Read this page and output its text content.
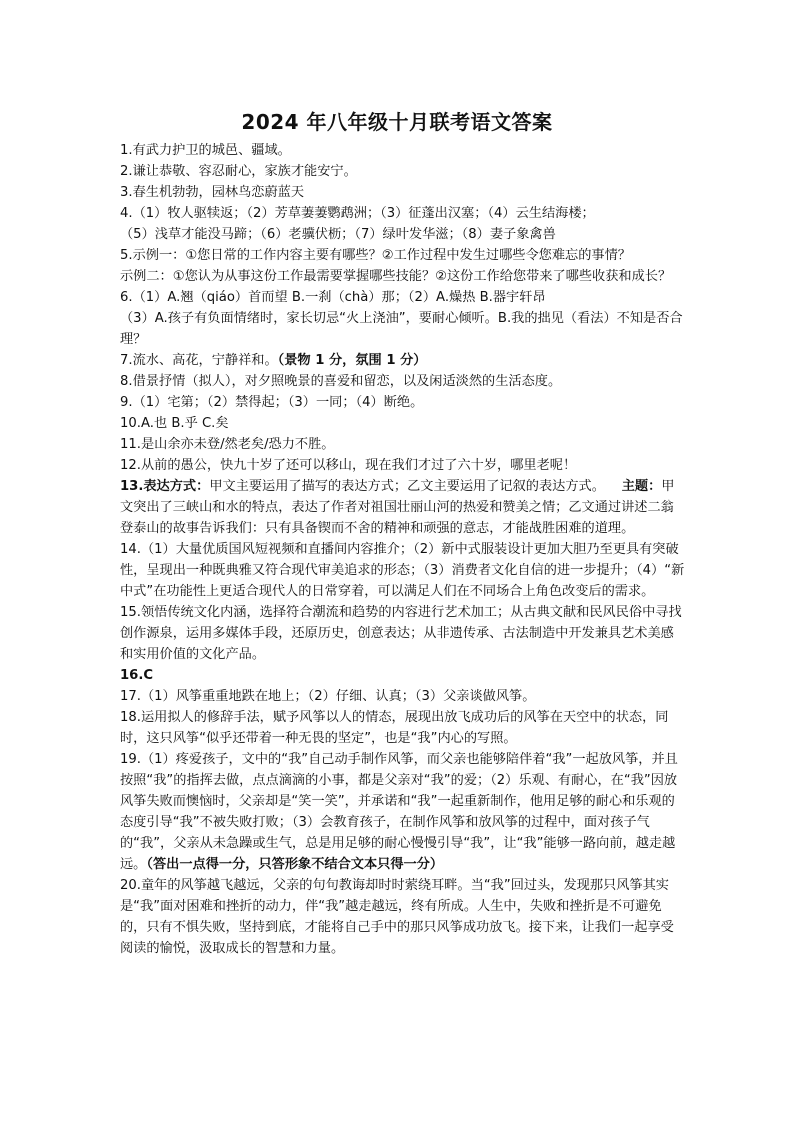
2024 年八年级十月联考语文答案

1.有武力护卫的城邑、疆域。

2.谦让恭敬、容忍耐心，家族才能安宁。

3.春生机勃勃，园林鸟恋蔚蓝天

4.（1）牧人驱犊返；（2）芳草萋萋鹦鹉洲；（3）征蓬出汉塞；（4）云生结海楼；

（5）浅草才能没马蹄；（6）老骥伏枥；（7）绿叶发华滋；（8）妻子象禽兽

5.示例一：①您日常的工作内容主要有哪些？②工作过程中发生过哪些令您难忘的事情？

示例二：①您认为从事这份工作最需要掌握哪些技能？②这份工作给您带来了哪些收获和成长？

6.（1）A.翘（qiáo）首而望 B.一刹（chà）那；（2）A.燥热 B.器宇轩昂

（3）A.孩子有负面情绪时，家长切忌“火上浇油”，要耐心倾听。B.我的拙见（看法）不知是否合理？

7.流水、高花，宁静祥和。（景物 1 分，氛围 1 分）

8.借景抒情（拟人），对夕照晚景的喜爱和留恋，以及闲适淡然的生活态度。

9.（1）宅第；（2）禁得起；（3）一同；（4）断绝。

10.A.也 B.乎 C.矣

11.是山余亦未登/然老矣/恐力不胜。

12.从前的愚公，快九十岁了还可以移山，现在我们才过了六十岁，哪里老呢！

13.表达方式：甲文主要运用了描写的表达方式；乙文主要运用了记叙的表达方式。 主题：甲文突出了三峡山和水的特点，表达了作者对祖国壮丽山河的热爱和赞美之情；乙文通过讲述二翁登泰山的故事告诉我们：只有具备锲而不舍的精神和顽强的意志，才能战胜困难的道理。

14.（1）大量优质国风短视频和直播间内容推介；（2）新中式服装设计更加大胆乃至更具有突破性，呈现出一种既典雅又符合现代审美追求的形态；（3）消费者文化自信的进一步提升；（4）“新中式”在功能性上更适合现代人的日常穿着，可以满足人们在不同场合上角色改变后的需求。

15.领悟传统文化内涵，选择符合潮流和趋势的内容进行艺术加工；从古典文献和民风民俗中寻找创作源泉，运用多媒体手段，还原历史，创意表达；从非遗传承、古法制造中开发兼具艺术美感和实用价值的文化产品。

16.C

17.（1）风筝重重地跌在地上；（2）仔细、认真；（3）父亲谈做风筝。

18.运用拟人的修辞手法，赋予风筝以人的情态，展现出放飞成功后的风筝在天空中的状态，同时，这只风筝“似乎还带着一种无畏的坚定”，也是“我”内心的写照。

19.（1）疼爱孩子，文中的“我”自己动手制作风筝，而父亲也能够陪伴着“我”一起放风筝，并且按照“我”的指挥去做，点点滴滴的小事，都是父亲对“我”的爱；（2）乐观、有耐心，在“我”因放风筝失败而懊恼时，父亲却是“笑一笑”，并承诺和“我”一起重新制作，他用足够的耐心和乐观的态度引导“我”不被失败打败；（3）会教育孩子，在制作风筝和放风筝的过程中，面对孩子气的“我”，父亲从未急躁或生气，总是用足够的耐心慢慢引导“我”，让“我”能够一路向前，越走越远。（答出一点得一分，只答形象不结合文本只得一分）

20.童年的风筝越飞越远，父亲的句句教诲却时时萦绕耳畔。当“我”回过头，发现那只风筝其实是“我”面对困难和挫折的动力，伴“我”越走越远，终有所成。人生中，失败和挫折是不可避免的，只有不惧失败，坚持到底，才能将自己手中的那只风筝成功放飞。接下来，让我们一起享受阅读的愉悦，汲取成长的智慧和力量。
